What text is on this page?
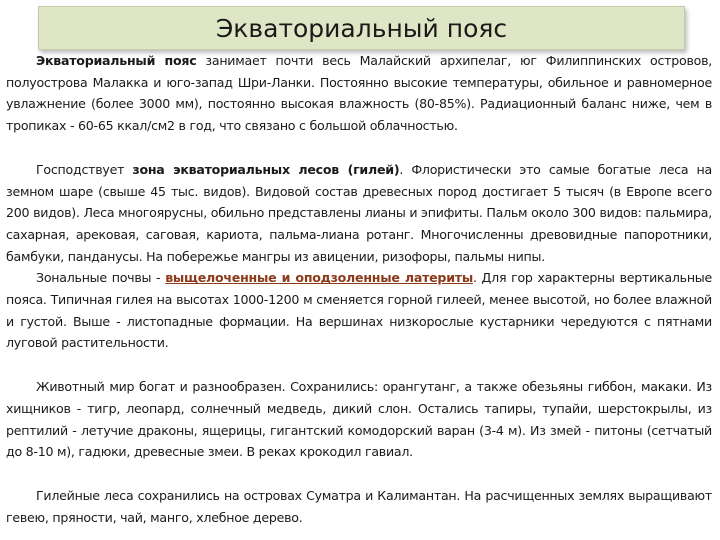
Экваториальный пояс

Экваториальный пояс занимает почти весь Малайский архипелаг, юг Филиппинских островов, полуострова Малакка и юго-запад Шри-Ланки. Постоянно высокие температуры, обильное и равномерное увлажнение (более 3000 мм), постоянно высокая влажность (80-85%). Радиационный баланс ниже, чем в тропиках - 60-65 ккал/см2 в год, что связано с большой облачностью.

Господствует зона экваториальных лесов (гилей). Флористически это самые богатые леса на земном шаре (свыше 45 тыс. видов). Видовой состав древесных пород достигает 5 тысяч (в Европе всего 200 видов). Леса многоярусны, обильно представлены лианы и эпифиты. Пальм около 300 видов: пальмира, сахарная, арековая, саговая, кариота, пальма-лиана ротанг. Многочисленны древовидные папоротники, бамбуки, панданусы. На побережье мангры из авицении, ризофоры, пальмы нипы.

Зональные почвы - выщелоченные и оподзоленные латериты. Для гор характерны вертикальные пояса. Типичная гилея на высотах 1000-1200 м сменяется горной гилеей, менее высотой, но более влажной и густой. Выше - листопадные формации. На вершинах низкорослые кустарники чередуются с пятнами луговой растительности.

Животный мир богат и разнообразен. Сохранились: орангутанг, а также обезьяны гиббон, макаки. Из хищников - тигр, леопард, солнечный медведь, дикий слон. Остались тапиры, тупайи, шерстокрылы, из рептилий - летучие драконы, ящерицы, гигантский комодорский варан (3-4 м). Из змей - питоны (сетчатый до 8-10 м), гадюки, древесные змеи. В реках крокодил гавиал.

Гилейные леса сохранились на островах Суматра и Калимантан. На расчищенных землях выращивают гевею, пряности, чай, манго, хлебное дерево.
